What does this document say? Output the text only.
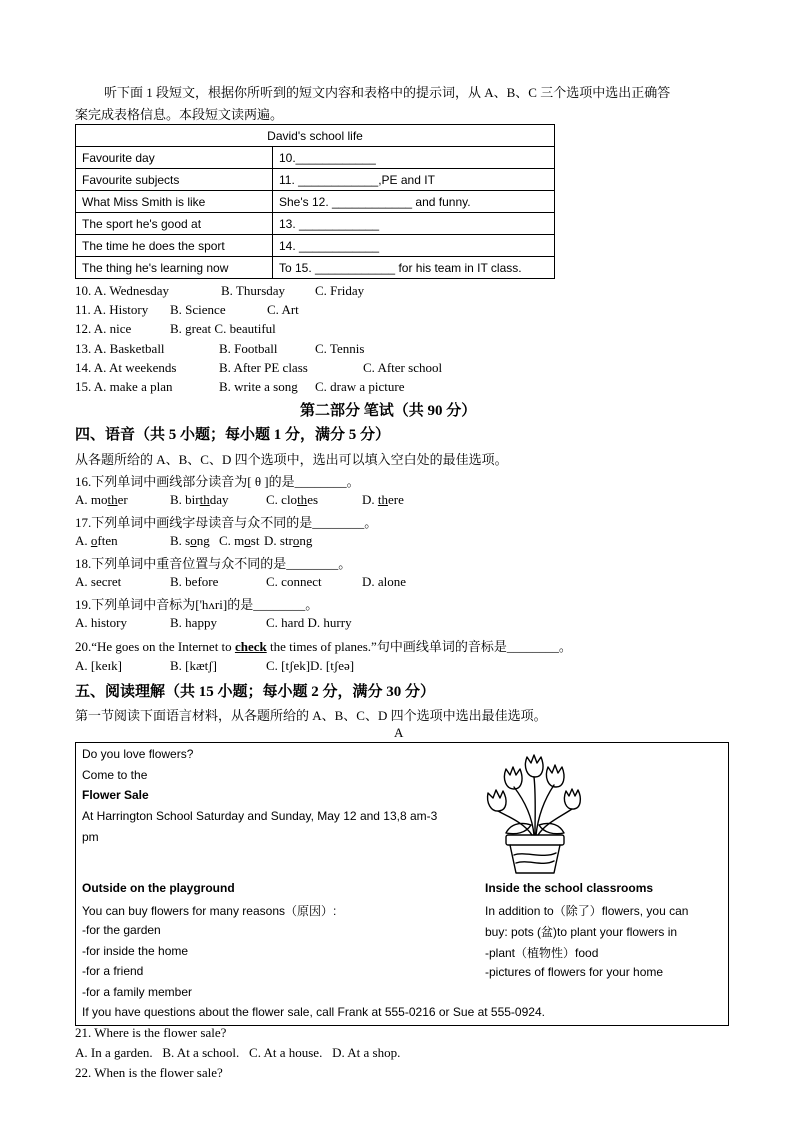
听下面 1 段短文，根据你所听到的短文内容和表格中的提示词，从 A、B、C 三个选项中选出正确答
案完成表格信息。本段短文读两遍。
David's school life	
Favourite day	10.____________
Favourite subjects	11. ____________,PE and IT
What Miss Smith is like	She's 12. ____________ and funny.
The sport he's good at	13. ____________
The time he does the sport	14. ____________
The thing he's learning now	To 15. ____________ for his team in IT class.
10. A. Wednesday	B. Thursday C. Friday
11. A. History B. Science	C. Art
12. A. nice	B. great C. beautiful
13. A. Basketball	B. Football	C. Tennis
14. A. At weekends	B. After PE class	C. After school
15. A. make a plan	B. write a song C. draw a picture
第二部分 笔试（共 90 分）
四、语音（共 5 小题；每小题 1 分，满分 5 分）
从各题所给的 A、B、C、D 四个选项中，选出可以填入空白处的最佳选项。
16.下列单词中画线部分读音为[ θ ]的是________。
A. mother	B. birthday	C. clothes	D. there
17.下列单词中画线字母读音与众不同的是________。
A. often	B. song C. most D. strong
18.下列单词中重音位置与众不同的是________。
A. secret	B. before	C. connect	D. alone
19.下列单词中音标为['hʌri]的是________。
A. history	B. happy	C. hard D. hurry
20.“He goes on the Internet to check the times of planes.”句中画线单词的音标是________。
A. [keɪk]	B. [kætʃ]	C. [tʃek]D. [tʃeə]
五、阅读理解（共 15 小题；每小题 2 分，满分 30 分）
第一节阅读下面语言材料，从各题所给的 A、B、C、D 四个选项中选出最佳选项。
A
Do you love flowers?
Come to the
Flower Sale
At Harrington School Saturday and Sunday, May 12 and 13,8 am-3
pm
Outside on the playground
You can buy flowers for many reasons（原因）:
-for the garden
-for inside the home
-for a friend
-for a family member
Inside the school classrooms
In addition to（除了）flowers, you can
buy: pots (盆)to plant your flowers in
-plant（植物性）food
-pictures of flowers for your home
If you have questions about the flower sale, call Frank at 555-0216 or Sue at 555-0924.
21. Where is the flower sale?
A. In a garden.   B. At a school.   C. At a house.   D. At a shop.
22. When is the flower sale?
